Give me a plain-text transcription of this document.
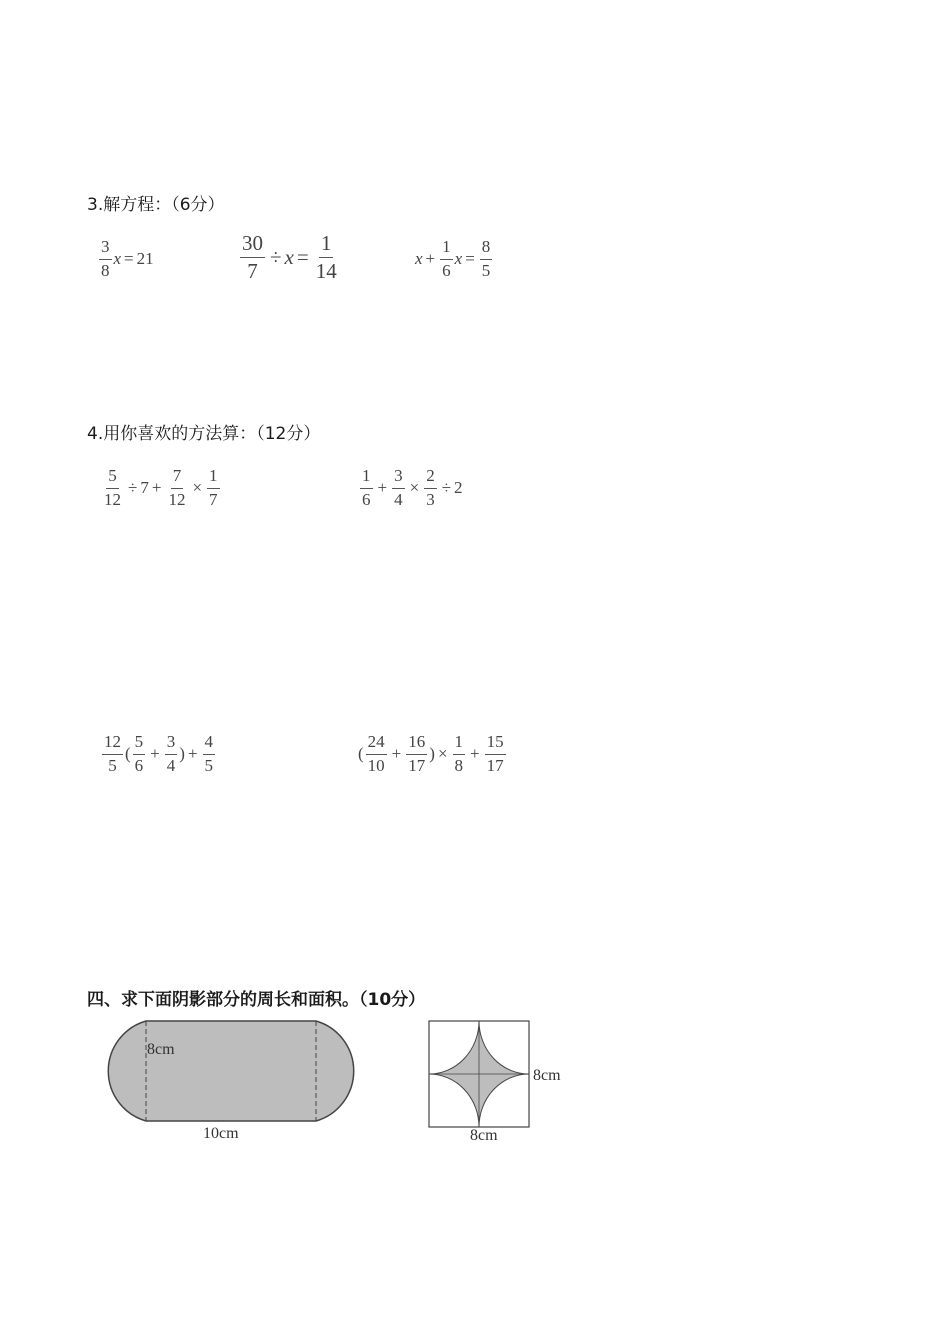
3.解方程：（6分）
$\frac{3}{8}$ x = 21	$\frac{30}{7} \div x = \frac{1}{14}$	$x + \frac{1}{6}$ $x = \frac{8}{5}$
4.用你喜欢的方法算：（12分）
$\frac{5}{12} \div 7 + \frac{7}{12} \times \frac{1}{7}$	$\frac{1}{6} + \frac{3}{4} \times \frac{2}{3} \div 2$
$\frac{12}{5}$ ( $\frac{5}{6} + \frac{3}{4}$ ) + $\frac{4}{5}$	( $\frac{24}{10} + \frac{16}{17}$ ) × $\frac{1}{8} + \frac{15}{17}$
四、求下面阴影部分的周长和面积。（10分）
8cm
10cm
8cm
8cm
